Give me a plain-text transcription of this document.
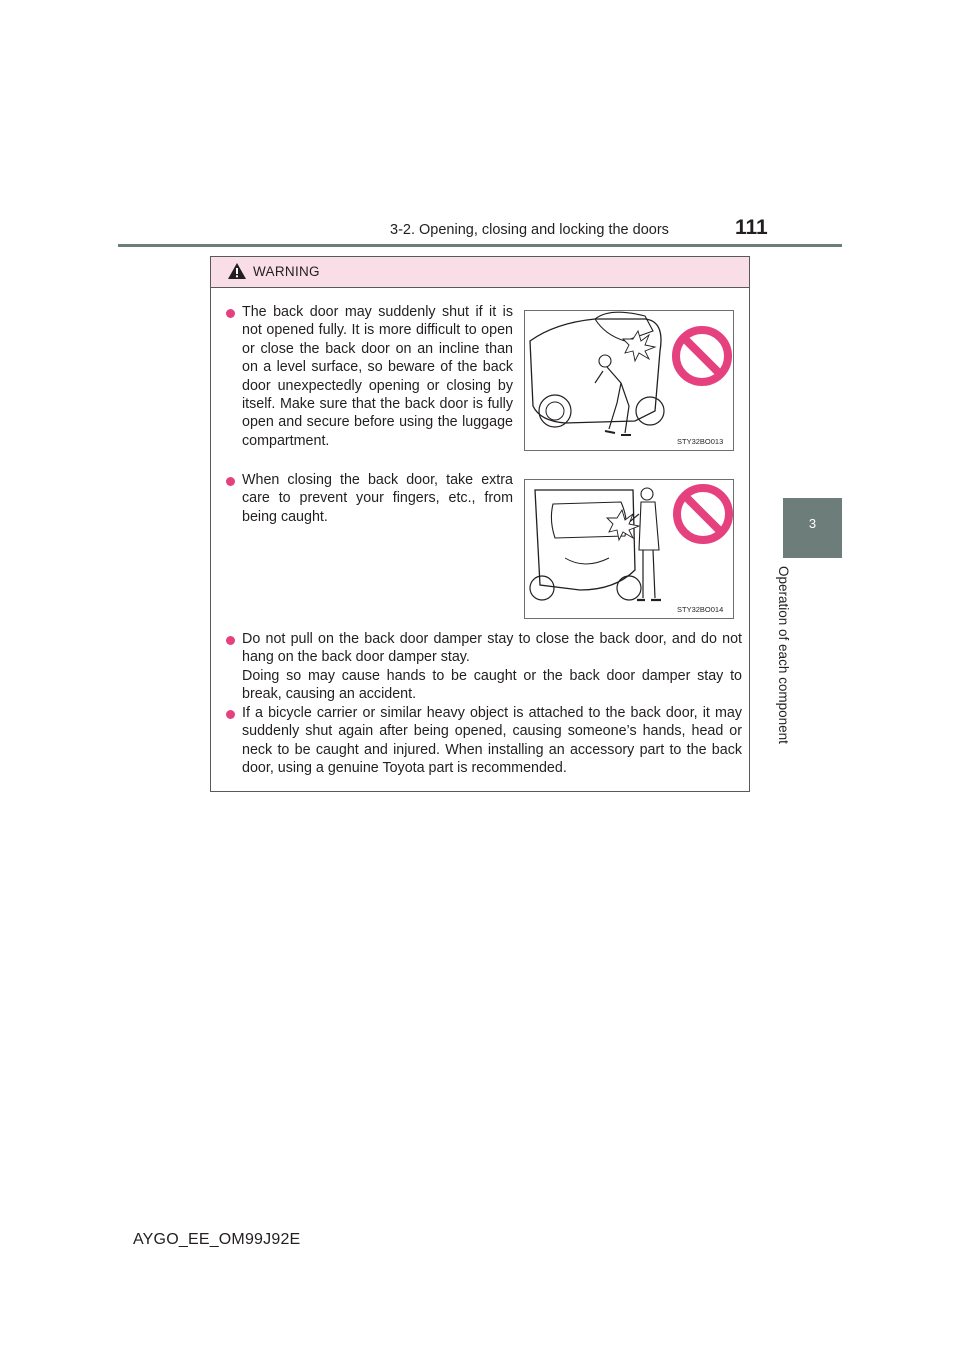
3-2. Opening, closing and locking the doors	111
3
Operation of each component
WARNING
The back door may suddenly shut if it is not opened fully. It is more difficult to open or close the back door on an incline than on a level surface, so beware of the back door unexpectedly opening or closing by itself. Make sure that the back door is fully open and secure before using the luggage compartment.	STY32BO013
When closing the back door, take extra care to prevent your fingers, etc., from being caught.
STY32BO014
Do not pull on the back door damper stay to close the back door, and do not hang on the back door damper stay.
Doing so may cause hands to be caught or the back door damper stay to break, causing an accident.
If a bicycle carrier or similar heavy object is attached to the back door, it may suddenly shut again after being opened, causing someone’s hands, head or neck to be caught and injured. When installing an accessory part to the back door, using a genuine Toyota part is recommended.
AYGO_EE_OM99J92E
